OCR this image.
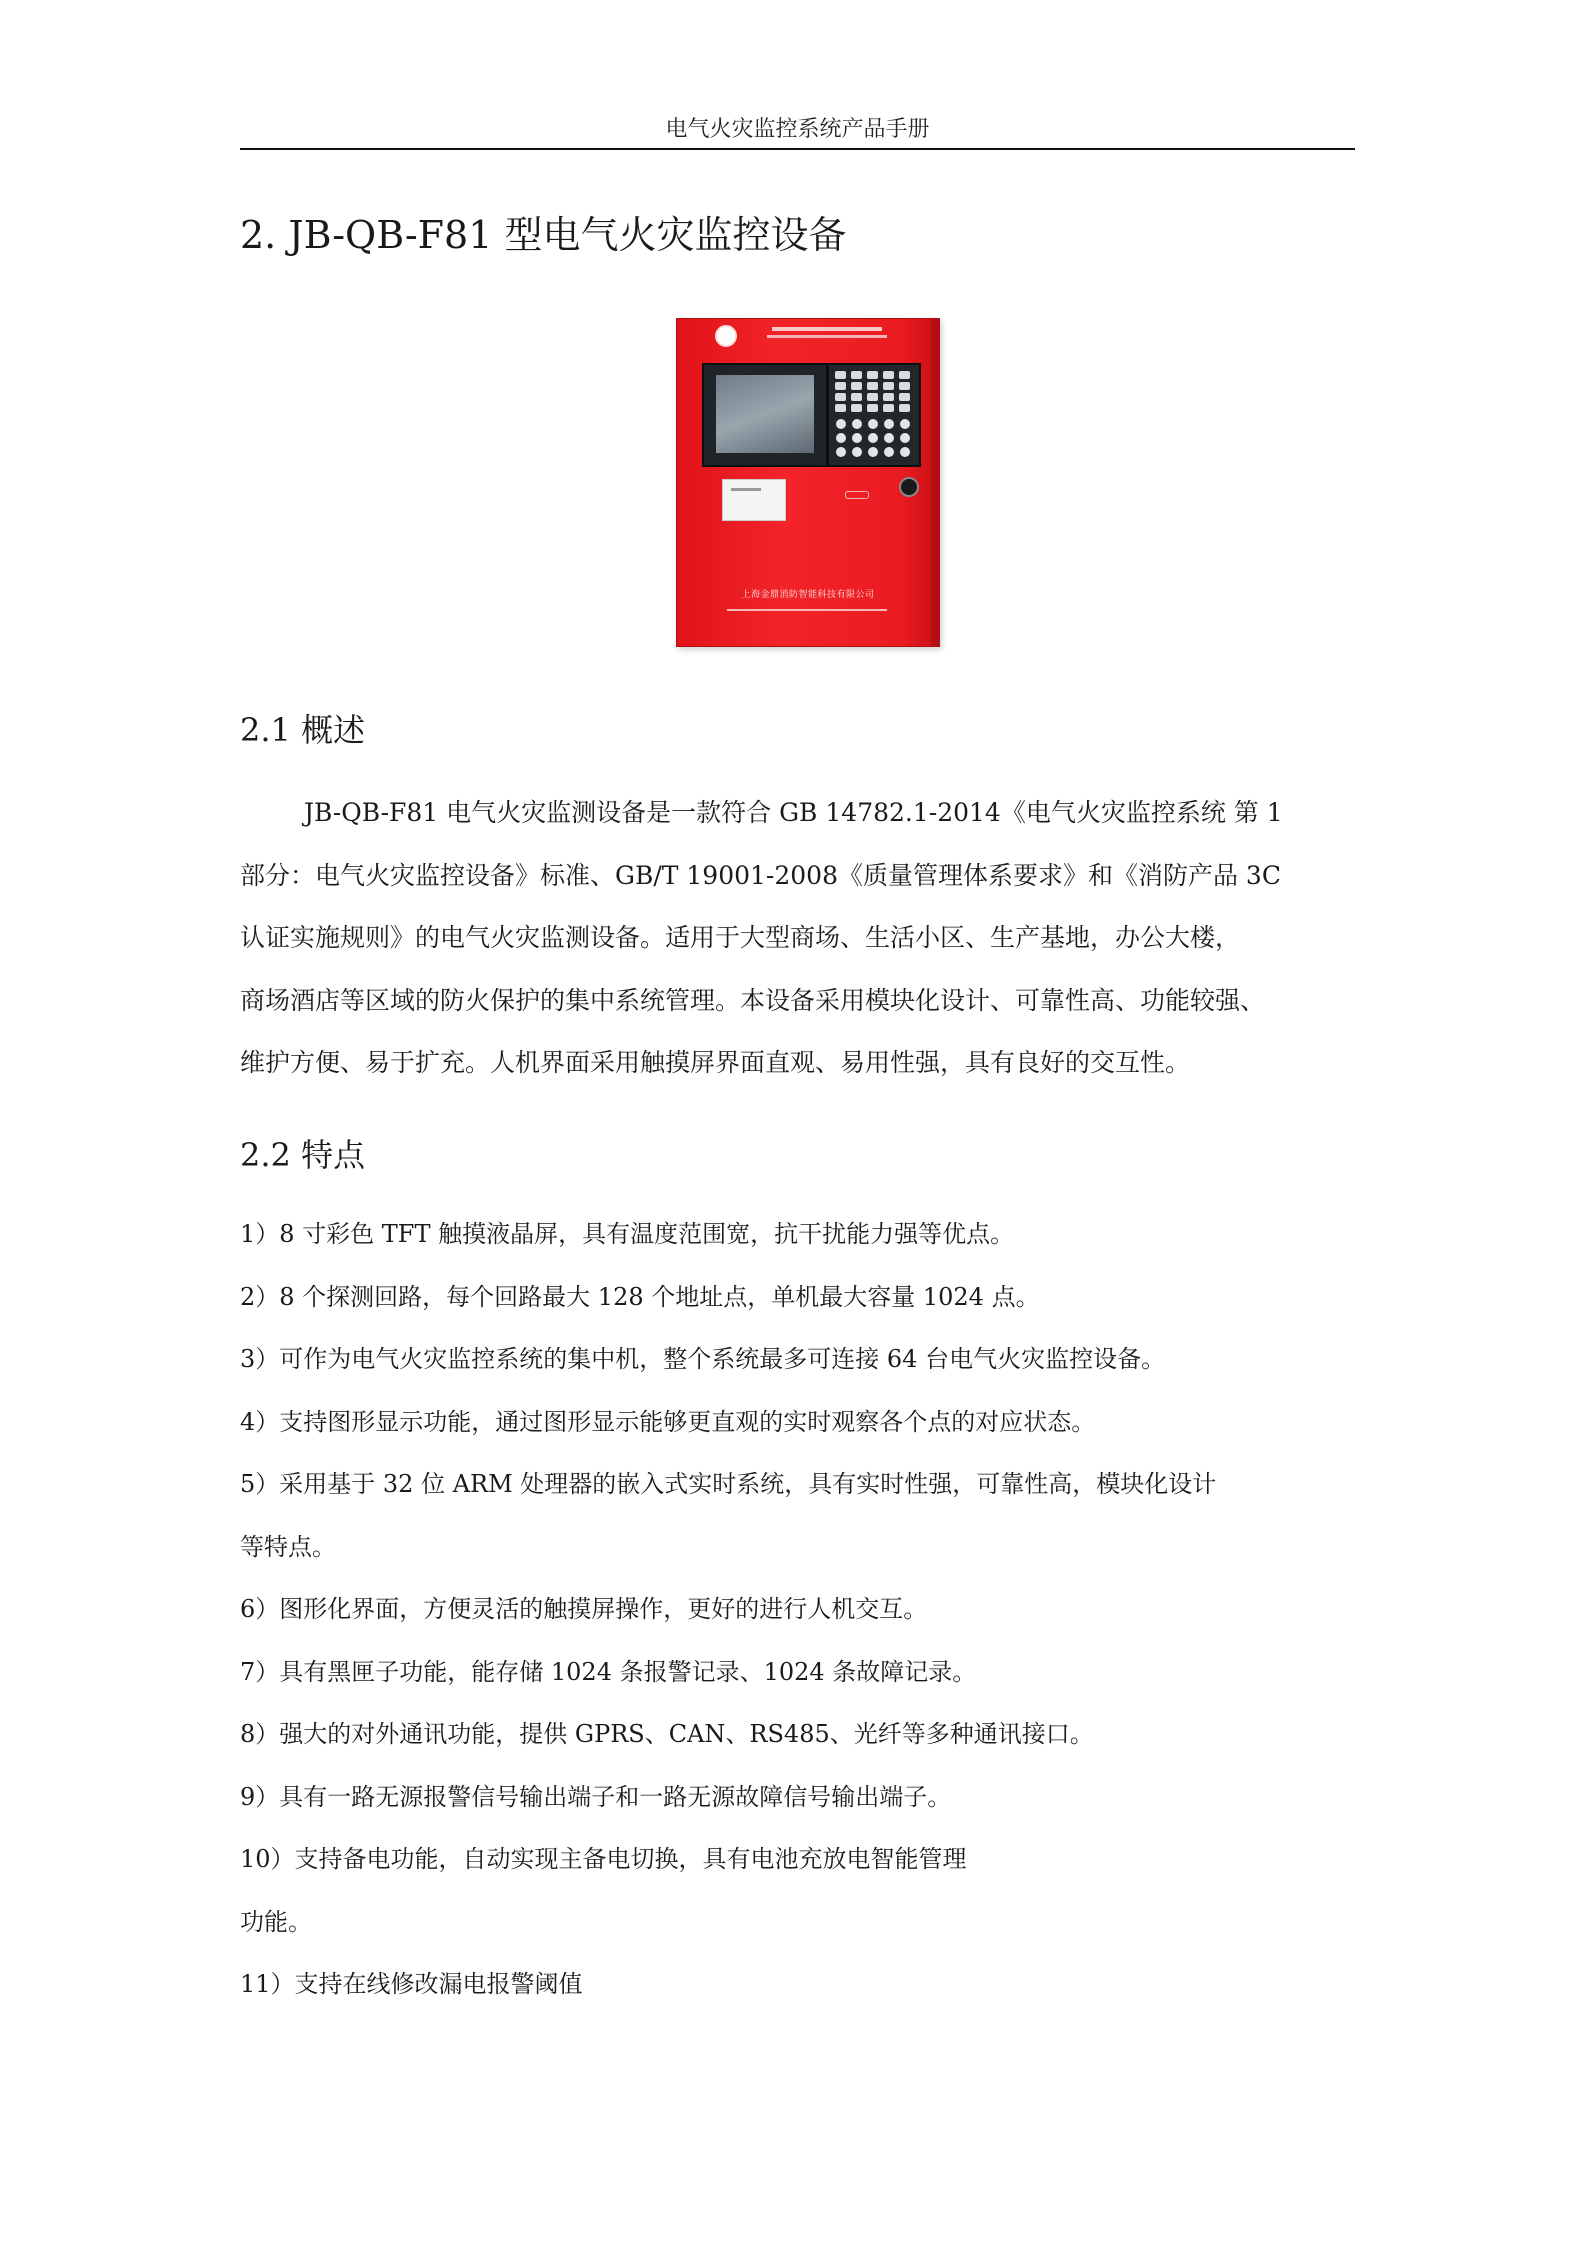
电气火灾监控系统产品手册
2. JB-QB-F81 型电气火灾监控设备
上海金鼎消防智能科技有限公司
2.1 概述

JB-QB-F81 电气火灾监测设备是一款符合 GB 14782.1-2014《电气火灾监控系统 第 1
部分：电气火灾监控设备》标准、GB/T 19001-2008《质量管理体系要求》和《消防产品 3C
认证实施规则》的电气火灾监测设备。适用于大型商场、生活小区、生产基地，办公大楼，
商场酒店等区域的防火保护的集中系统管理。本设备采用模块化设计、可靠性高、功能较强、
维护方便、易于扩充。人机界面采用触摸屏界面直观、易用性强，具有良好的交互性。

2.2 特点

1）8 寸彩色 TFT 触摸液晶屏，具有温度范围宽，抗干扰能力强等优点。

2）8 个探测回路，每个回路最大 128 个地址点，单机最大容量 1024 点。

3）可作为电气火灾监控系统的集中机，整个系统最多可连接 64 台电气火灾监控设备。

4）支持图形显示功能，通过图形显示能够更直观的实时观察各个点的对应状态。

5）采用基于 32 位 ARM 处理器的嵌入式实时系统，具有实时性强，可靠性高，模块化设计

等特点。

6）图形化界面，方便灵活的触摸屏操作，更好的进行人机交互。

7）具有黑匣子功能，能存储 1024 条报警记录、1024 条故障记录。

8）强大的对外通讯功能，提供 GPRS、CAN、RS485、光纤等多种通讯接口。

9）具有一路无源报警信号输出端子和一路无源故障信号输出端子。

10）支持备电功能，自动实现主备电切换，具有电池充放电智能管理

功能。

11）支持在线修改漏电报警阈值
